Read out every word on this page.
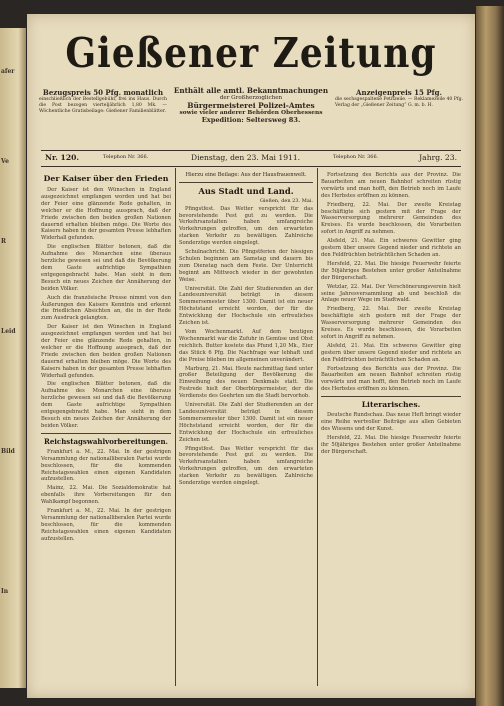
afer
Ve
R
Leid
Bild
In
Gießener Zeitung
Bezugspreis 50 Pfg. monatlich
einschließlich der Bestellgebühr, frei ins Haus. Durch die Post bezogen vierteljährlich 1,80 Mk. — Wöchentliche Gratisbeilage: Gießener Familienblätter.
Enthält alle amtl. Bekanntmachungen
der Großherzoglichen
Bürgermeisterei Polizei-Amtes
sowie vieler anderer Behörden Oberhessens
Expedition: Seltersweg 83.
Anzeigenpreis 15 Pfg.
die sechsgespaltene Petitzeile. — Reklamezeile 40 Pfg. Verlag der „Gießener Zeitung“ G. m. b. H.
Nr. 120.	Telephon Nr. 366.	Dienstag, den 23. Mai 1911.	Telephon Nr. 366.	Jahrg. 23.
Der Kaiser über den Frieden

Der Kaiser ist den Wünschen in England ausgezeichnet empfangen worden und hat bei der Feier eine glänzende Rede gehalten, in welcher er die Hoffnung aussprach, daß der Friede zwischen den beiden großen Nationen dauernd erhalten bleiben möge. Die Worte des Kaisers haben in der gesamten Presse lebhaften Widerhall gefunden.

Die englischen Blätter betonen, daß die Aufnahme des Monarchen eine überaus herzliche gewesen sei und daß die Bevölkerung dem Gaste aufrichtige Sympathien entgegengebracht habe. Man sieht in dem Besuch ein neues Zeichen der Annäherung der beiden Völker.

Auch die französische Presse nimmt von den Äußerungen des Kaisers Kenntnis und erkennt die friedlichen Absichten an, die in der Rede zum Ausdruck gelangten.

Der Kaiser ist den Wünschen in England ausgezeichnet empfangen worden und hat bei der Feier eine glänzende Rede gehalten, in welcher er die Hoffnung aussprach, daß der Friede zwischen den beiden großen Nationen dauernd erhalten bleiben möge. Die Worte des Kaisers haben in der gesamten Presse lebhaften Widerhall gefunden.

Die englischen Blätter betonen, daß die Aufnahme des Monarchen eine überaus herzliche gewesen sei und daß die Bevölkerung dem Gaste aufrichtige Sympathien entgegengebracht habe. Man sieht in dem Besuch ein neues Zeichen der Annäherung der beiden Völker.

Reichstagswahlvorbereitungen.

Frankfurt a. M., 22. Mai. In der gestrigen Versammlung der nationalliberalen Partei wurde beschlossen, für die kommenden Reichstagswahlen einen eigenen Kandidaten aufzustellen.

Mainz, 22. Mai. Die Sozialdemokratie hat ebenfalls ihre Vorbereitungen für den Wahlkampf begonnen.

Frankfurt a. M., 22. Mai. In der gestrigen Versammlung der nationalliberalen Partei wurde beschlossen, für die kommenden Reichstagswahlen einen eigenen Kandidaten aufzustellen.

Hierzu eine Beilage: Aus der Hausfrauenwelt.
Aus Stadt und Land.
Gießen, den 23. Mai.

Pfingstfest. Das Wetter verspricht für das bevorstehende Fest gut zu werden. Die Verkehrsanstalten haben umfangreiche Vorkehrungen getroffen, um den erwarteten starken Verkehr zu bewältigen. Zahlreiche Sonderzüge werden eingelegt.

Schulnachricht. Die Pfingstferien der hiesigen Schulen beginnen am Samstag und dauern bis zum Dienstag nach dem Feste. Der Unterricht beginnt am Mittwoch wieder in der gewohnten Weise.

Universität. Die Zahl der Studierenden an der Landesuniversität beträgt in diesem Sommersemester über 1300. Damit ist ein neuer Höchststand erreicht worden, der für die Entwicklung der Hochschule ein erfreuliches Zeichen ist.

Vom Wochenmarkt. Auf dem heutigen Wochenmarkt war die Zufuhr in Gemüse und Obst reichlich. Butter kostete das Pfund 1,20 Mk., Eier das Stück 6 Pfg. Die Nachfrage war lebhaft und die Preise blieben im allgemeinen unverändert.

Marburg, 21. Mai. Heute nachmittag fand unter großer Beteiligung der Bevölkerung die Einweihung des neuen Denkmals statt. Die Festrede hielt der Oberbürgermeister, der die Verdienste des Geehrten um die Stadt hervorhob.

Universität. Die Zahl der Studierenden an der Landesuniversität beträgt in diesem Sommersemester über 1300. Damit ist ein neuer Höchststand erreicht worden, der für die Entwicklung der Hochschule ein erfreuliches Zeichen ist.

Pfingstfest. Das Wetter verspricht für das bevorstehende Fest gut zu werden. Die Verkehrsanstalten haben umfangreiche Vorkehrungen getroffen, um den erwarteten starken Verkehr zu bewältigen. Zahlreiche Sonderzüge werden eingelegt.

Fortsetzung des Berichts aus der Provinz. Die Bauarbeiten am neuen Bahnhof schreiten rüstig vorwärts und man hofft, den Betrieb noch im Laufe des Herbstes eröffnen zu können.

Friedberg, 22. Mai. Der zweite Kreistag beschäftigte sich gestern mit der Frage der Wasserversorgung mehrerer Gemeinden des Kreises. Es wurde beschlossen, die Vorarbeiten sofort in Angriff zu nehmen.

Alsfeld, 21. Mai. Ein schweres Gewitter ging gestern über unsere Gegend nieder und richtete an den Feldfrüchten beträchtlichen Schaden an.

Hersfeld, 22. Mai. Die hiesige Feuerwehr feierte ihr 50jähriges Bestehen unter großer Anteilnahme der Bürgerschaft.

Wetzlar, 22. Mai. Der Verschönerungsverein hielt seine Jahresversammlung ab und beschloß die Anlage neuer Wege im Stadtwald.

Friedberg, 22. Mai. Der zweite Kreistag beschäftigte sich gestern mit der Frage der Wasserversorgung mehrerer Gemeinden des Kreises. Es wurde beschlossen, die Vorarbeiten sofort in Angriff zu nehmen.

Alsfeld, 21. Mai. Ein schweres Gewitter ging gestern über unsere Gegend nieder und richtete an den Feldfrüchten beträchtlichen Schaden an.

Fortsetzung des Berichts aus der Provinz. Die Bauarbeiten am neuen Bahnhof schreiten rüstig vorwärts und man hofft, den Betrieb noch im Laufe des Herbstes eröffnen zu können.

Literarisches.

Deutsche Rundschau. Das neue Heft bringt wieder eine Reihe wertvoller Beiträge aus allen Gebieten des Wissens und der Kunst.

Hersfeld, 22. Mai. Die hiesige Feuerwehr feierte ihr 50jähriges Bestehen unter großer Anteilnahme der Bürgerschaft.
